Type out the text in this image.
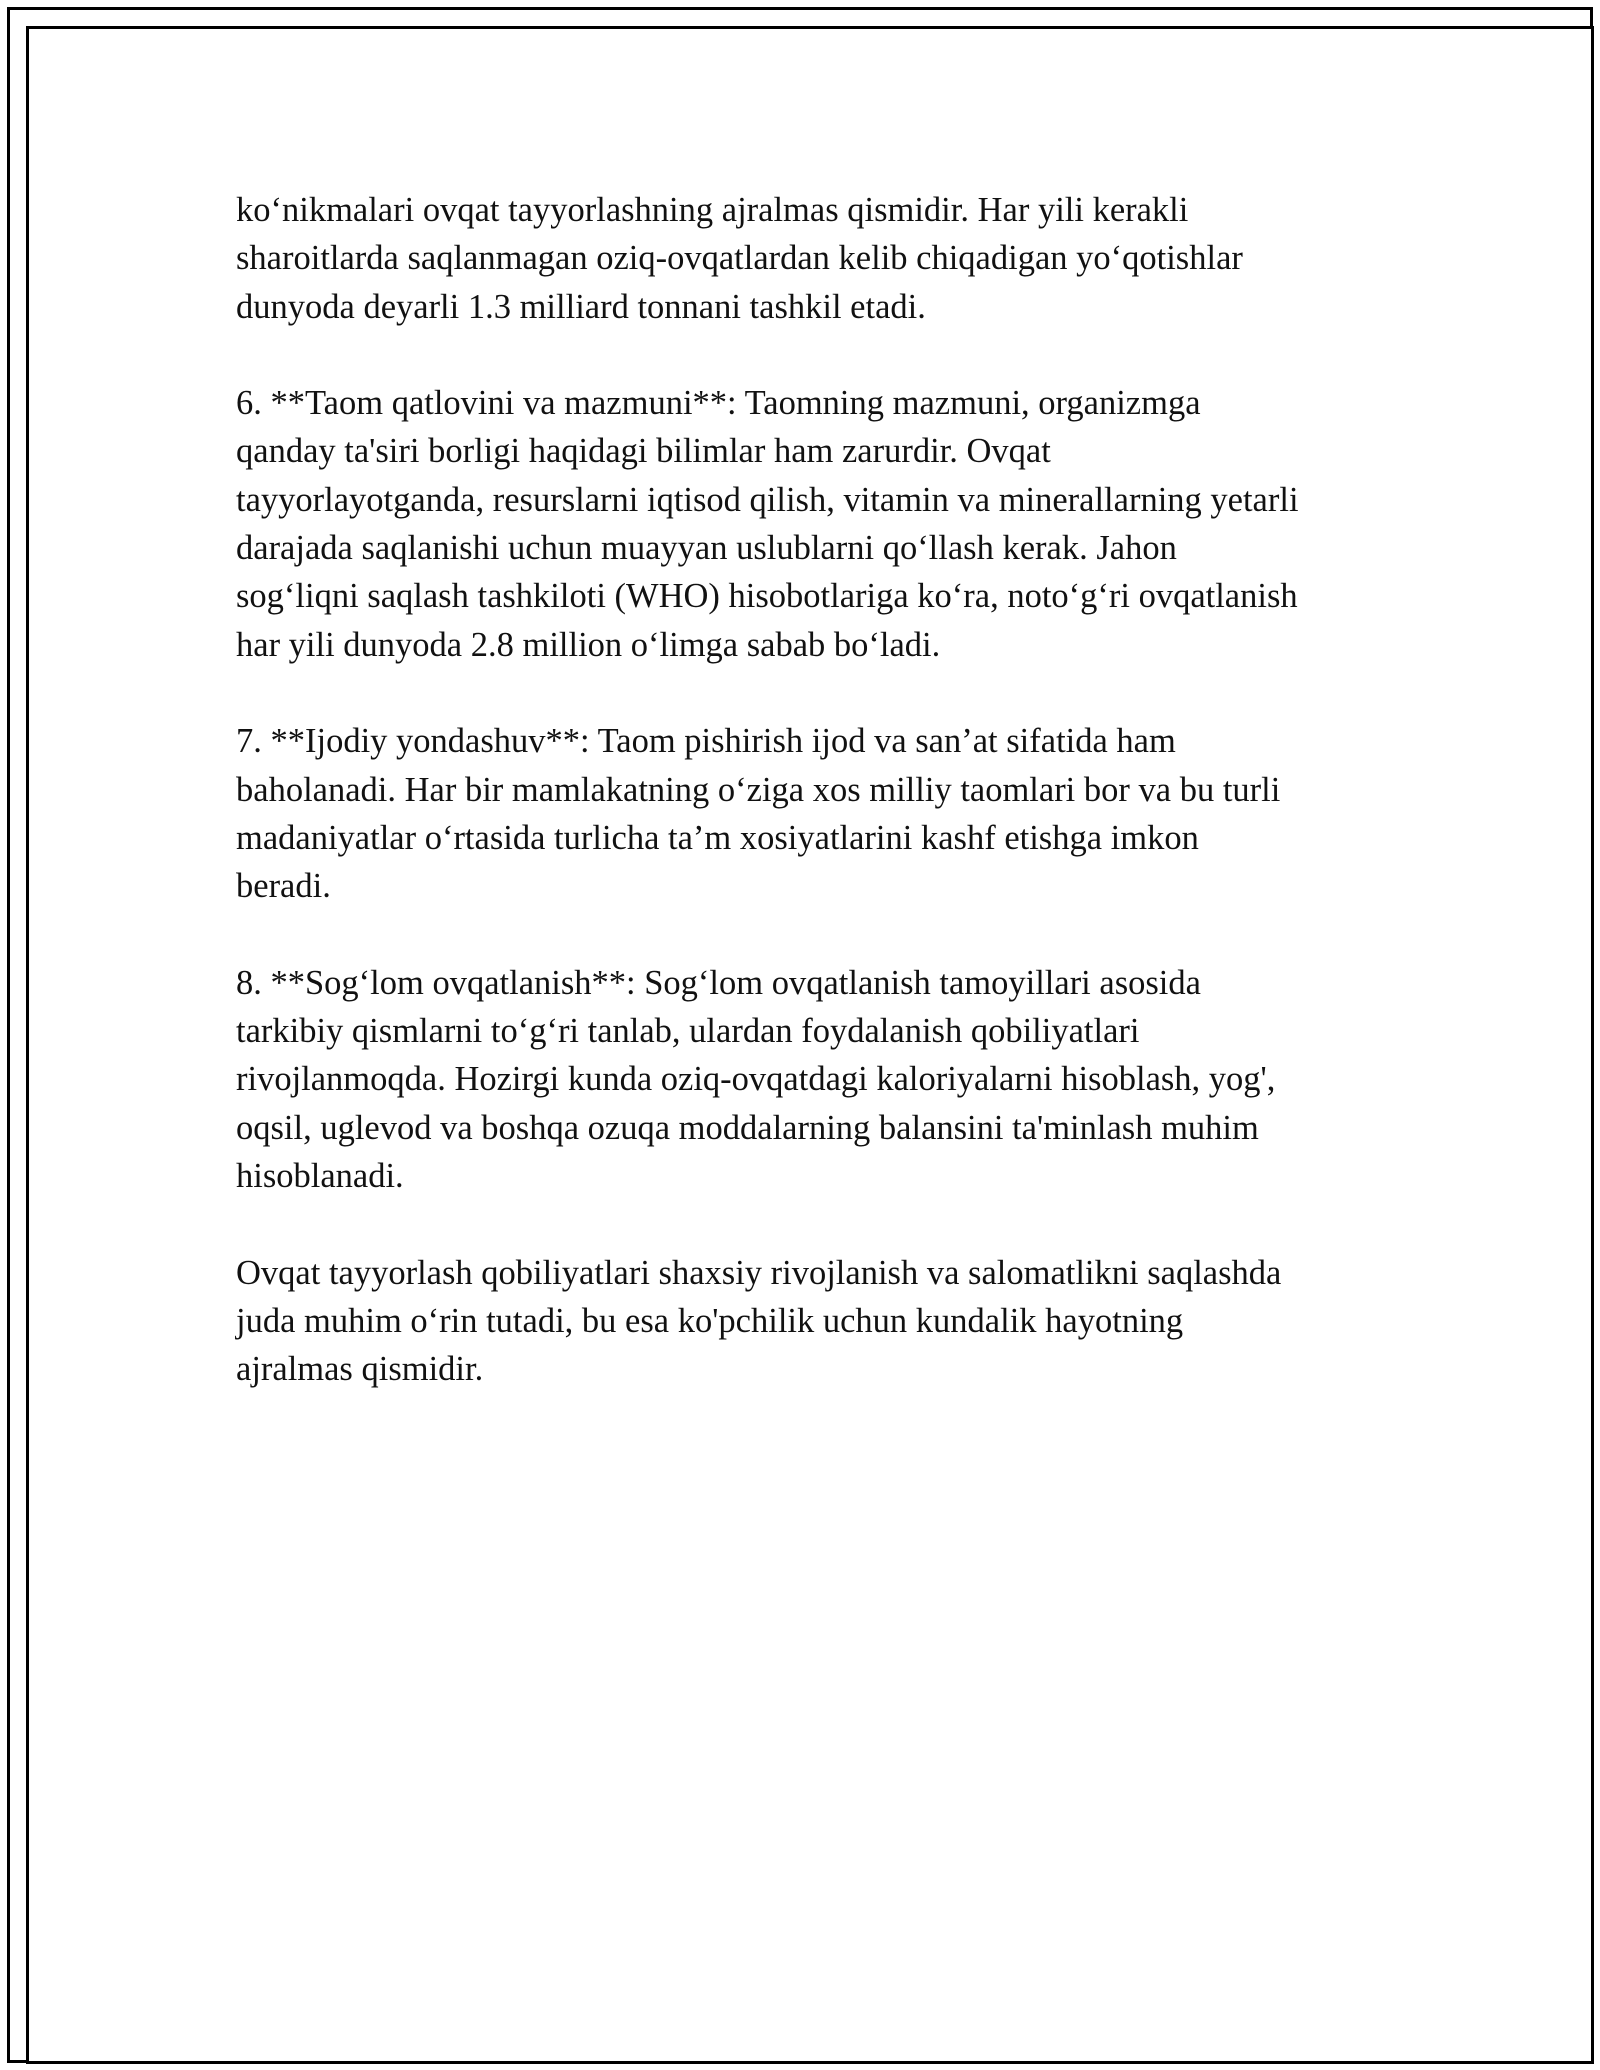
ko‘nikmalari ovqat tayyorlashning ajralmas qismidir. Har yili kerakli
sharoitlarda saqlanmagan oziq-ovqatlardan kelib chiqadigan yo‘qotishlar
dunyoda deyarli 1.3 milliard tonnani tashkil etadi.

6. **Taom qatlovini va mazmuni**: Taomning mazmuni, organizmga
qanday ta'siri borligi haqidagi bilimlar ham zarurdir. Ovqat
tayyorlayotganda, resurslarni iqtisod qilish, vitamin va minerallarning yetarli
darajada saqlanishi uchun muayyan uslublarni qo‘llash kerak. Jahon
sog‘liqni saqlash tashkiloti (WHO) hisobotlariga ko‘ra, noto‘g‘ri ovqatlanish
har yili dunyoda 2.8 million o‘limga sabab bo‘ladi.

7. **Ijodiy yondashuv**: Taom pishirish ijod va san’at sifatida ham
baholanadi. Har bir mamlakatning o‘ziga xos milliy taomlari bor va bu turli
madaniyatlar o‘rtasida turlicha ta’m xosiyatlarini kashf etishga imkon
beradi.

8. **Sog‘lom ovqatlanish**: Sog‘lom ovqatlanish tamoyillari asosida
tarkibiy qismlarni to‘g‘ri tanlab, ulardan foydalanish qobiliyatlari
rivojlanmoqda. Hozirgi kunda oziq-ovqatdagi kaloriyalarni hisoblash, yog',
oqsil, uglevod va boshqa ozuqa moddalarning balansini ta'minlash muhim
hisoblanadi.

Ovqat tayyorlash qobiliyatlari shaxsiy rivojlanish va salomatlikni saqlashda
juda muhim o‘rin tutadi, bu esa ko'pchilik uchun kundalik hayotning
ajralmas qismidir.
